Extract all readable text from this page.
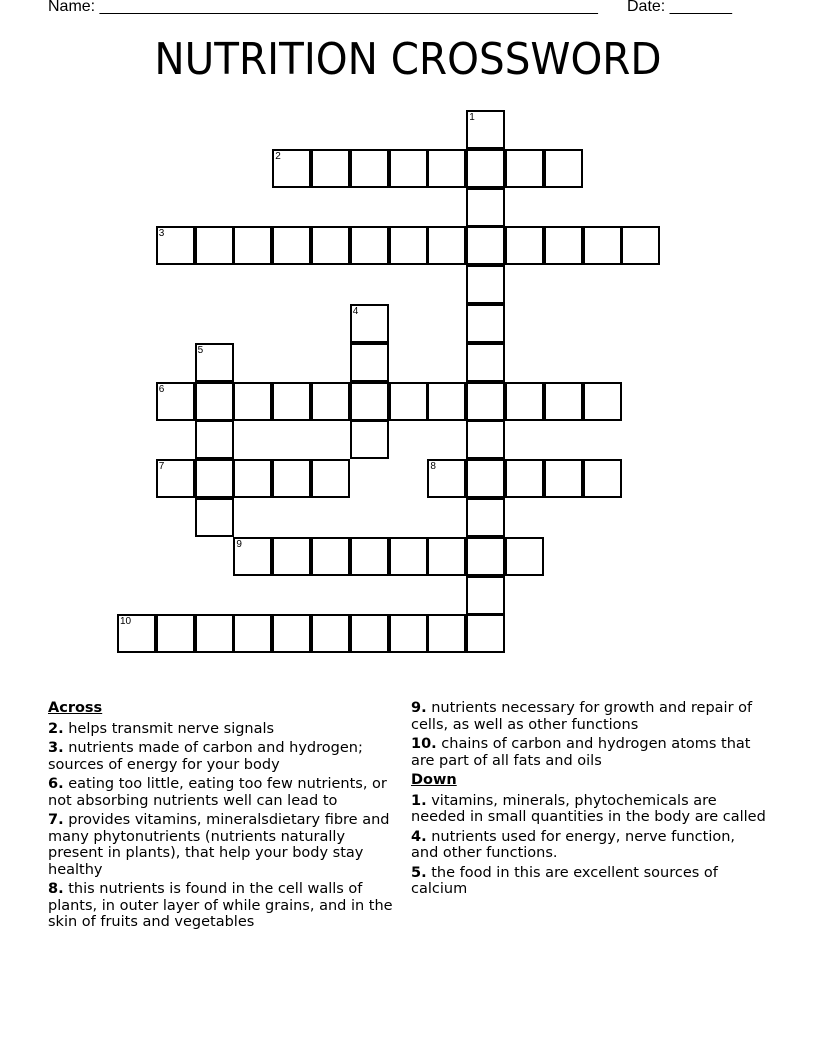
Name: ________________________________________________________ Date: _______
NUTRITION CROSSWORD
1
2
3
4
5
6
7	8
9
10
Across
2. helps transmit nerve signals
3. nutrients made of carbon and hydrogen; sources of energy for your body
6. eating too little, eating too few nutrients, or not absorbing nutrients well can lead to
7. provides vitamins, mineralsdietary fibre and many phytonutrients (nutrients naturally present in plants), that help your body stay healthy
8. this nutrients is found in the cell walls of plants, in outer layer of while grains, and in the skin of fruits and vegetables
9. nutrients necessary for growth and repair of cells, as well as other functions
10. chains of carbon and hydrogen atoms that are part of all fats and oils
Down
1. vitamins, minerals, phytochemicals are needed in small quantities in the body are called
4. nutrients used for energy, nerve function, and other functions.
5. the food in this are excellent sources of calcium
